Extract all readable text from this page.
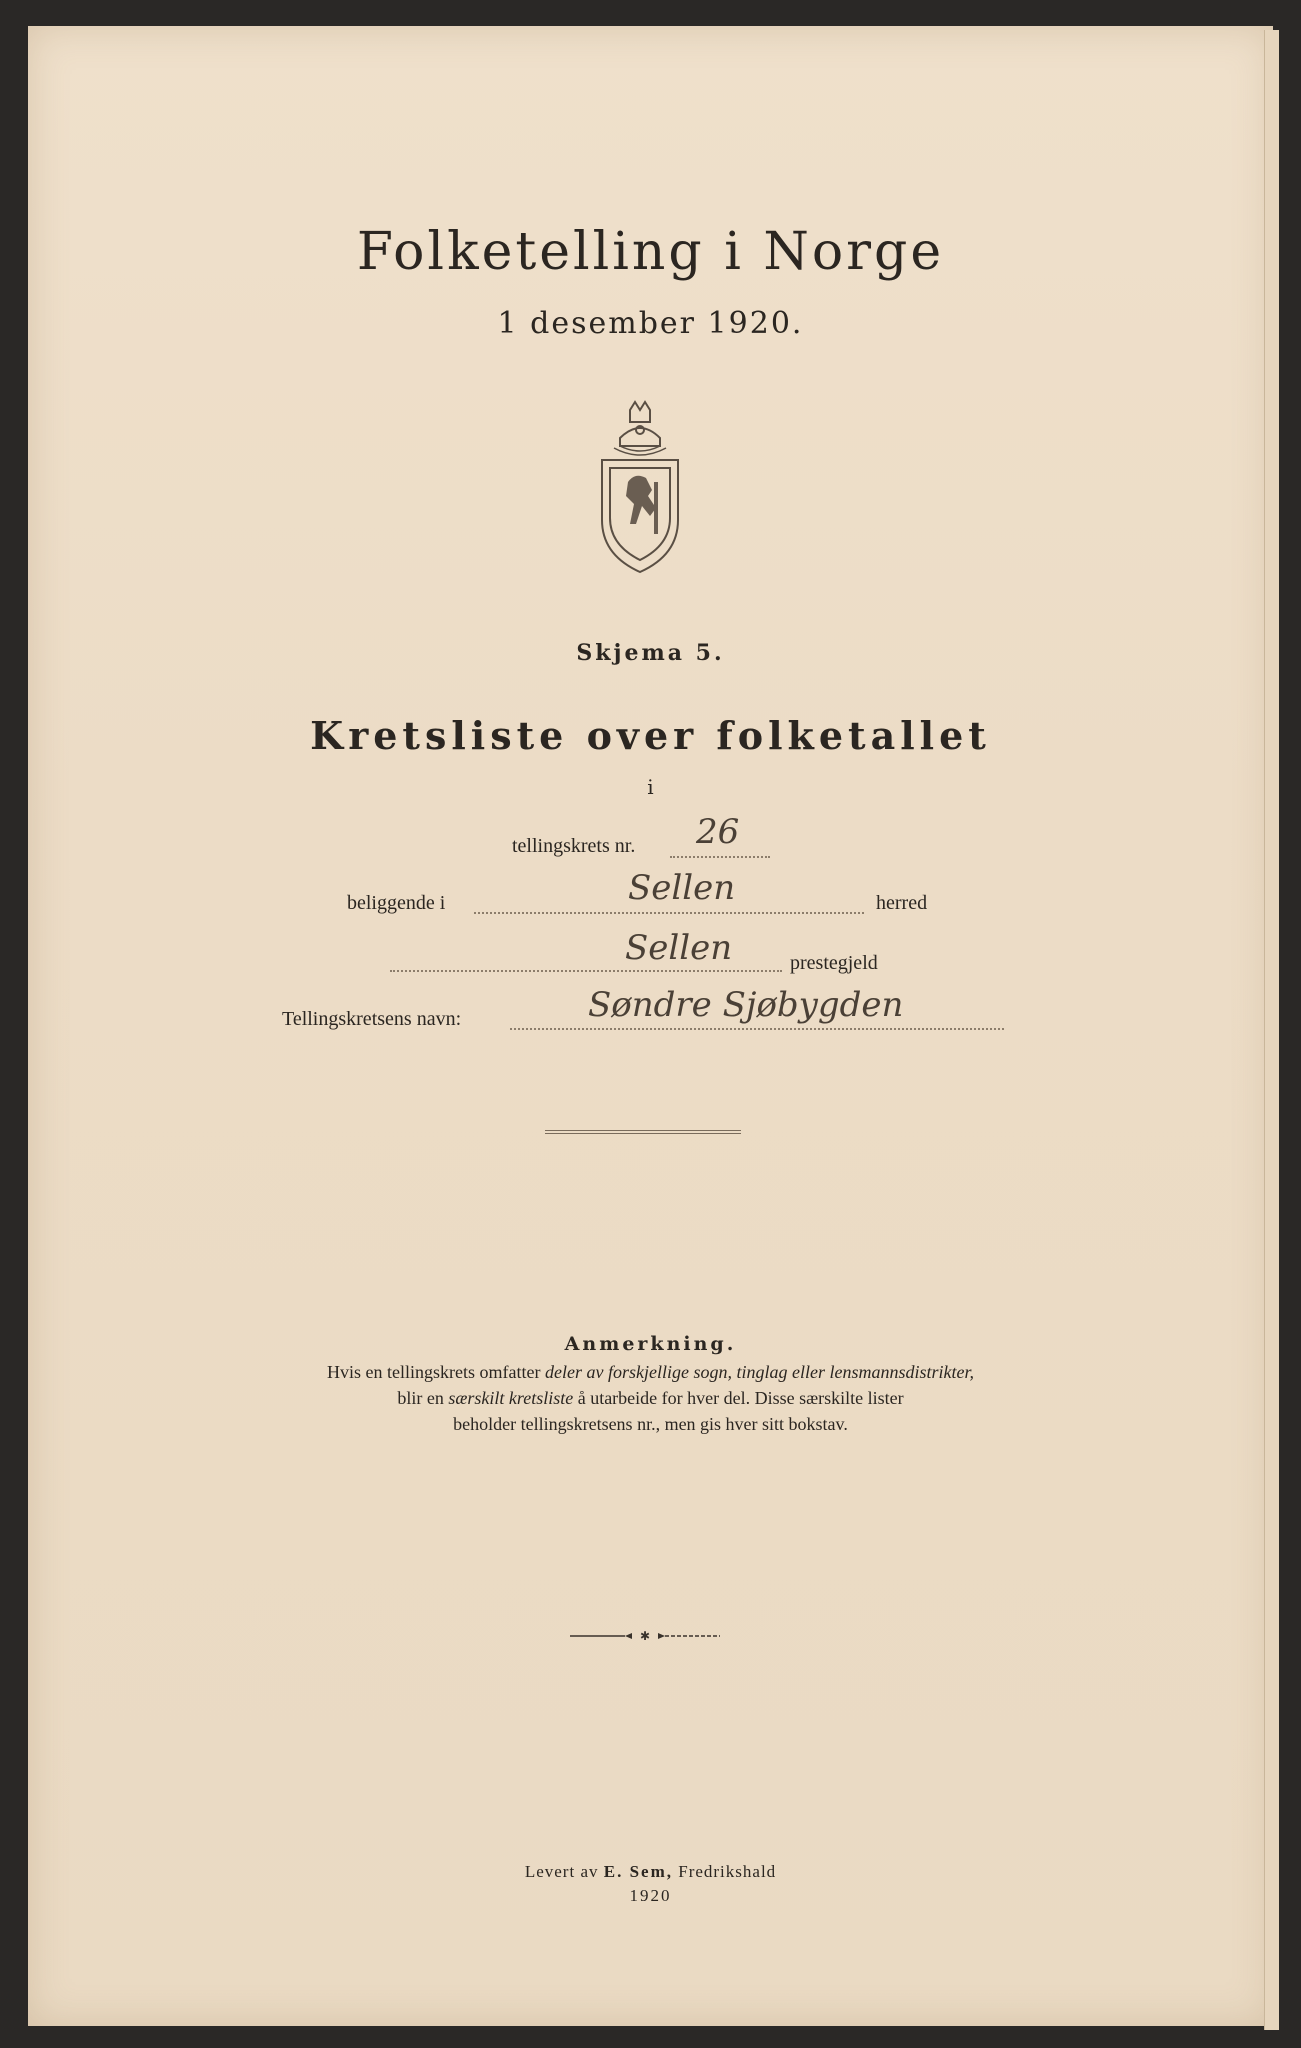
Folketelling i Norge
1 desember 1920.
Skjema 5.
Kretsliste over folketallet
i
tellingskrets nr. 26
beliggende i	Sellen	herred
Sellen	prestegjeld
Tellingskretsens navn:	Søndre Sjøbygden
Anmerkning.
Hvis en tellingskrets omfatter deler av forskjellige sogn, tinglag eller lensmannsdistrikter,
blir en særskilt kretsliste å utarbeide for hver del. Disse særskilte lister
beholder tellingskretsens nr., men gis hver sitt bokstav.
✱
Levert av E. Sem, Fredrikshald
1920
